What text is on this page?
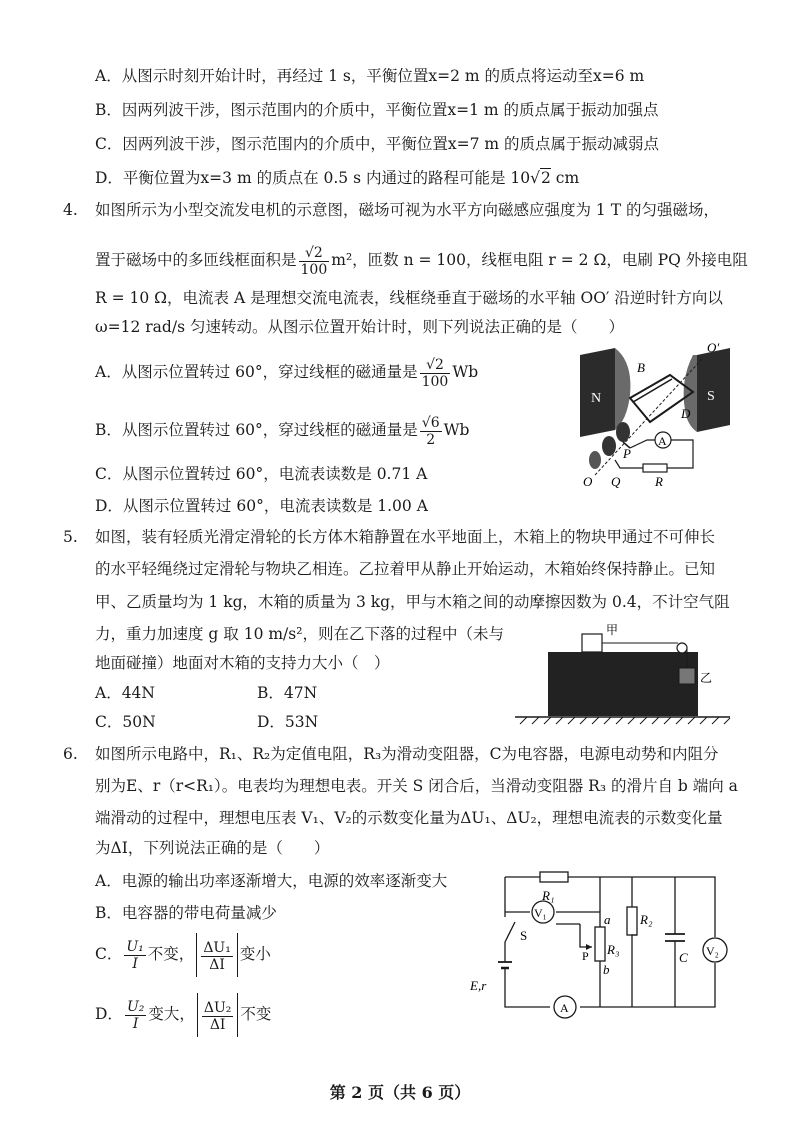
A．从图示时刻开始计时，再经过 1 s，平衡位置x=2 m 的质点将运动至x=6 m
B．因两列波干涉，图示范围内的介质中，平衡位置x=1 m 的质点属于振动加强点
C．因两列波干涉，图示范围内的介质中，平衡位置x=7 m 的质点属于振动减弱点
D．平衡位置为x=3 m 的质点在 0.5 s 内通过的路程可能是 10√2 cm
4. 如图所示为小型交流发电机的示意图，磁场可视为水平方向磁感应强度为 1 T 的匀强磁场，
置于磁场中的多匝线框面积是 $\frac{√2}{100} m^2$，匝数 n = 100，线框电阻 r = 2 Ω，电刷 PQ 外接电阻
R = 10 Ω，电流表 A 是理想交流电流表，线框绕垂直于磁场的水平轴 OO′ 沿逆时针方向以
ω=12 rad/s 匀速转动。从图示位置开始计时，则下列说法正确的是（　　）
A．从图示位置转过 60°，穿过线框的磁通量是 $\frac{√2}{100}$ Wb
B．从图示位置转过 60°，穿过线框的磁通量是 $\frac{√6}{2}$ Wb
C．从图示位置转过 60°，电流表读数是 0.71 A
D．从图示位置转过 60°，电流表读数是 1.00 A
N	S
O′
B
D
A
P
Q	R
O
5. 如图，装有轻质光滑定滑轮的长方体木箱静置在水平地面上，木箱上的物块甲通过不可伸长
的水平轻绳绕过定滑轮与物块乙相连。乙拉着甲从静止开始运动，木箱始终保持静止。已知
甲、乙质量均为 1 kg，木箱的质量为 3 kg，甲与木箱之间的动摩擦因数为 0.4，不计空气阻
力，重力加速度 g 取 10 m/s²，则在乙下落的过程中（未与
地面碰撞）地面对木箱的支持力大小（　）
A．44N	B．47N
C．50N	D．53N
甲
乙
6. 如图所示电路中，R₁、R₂为定值电阻，R₃为滑动变阻器，C为电容器，电源电动势和内阻分
别为E、r（r<R₁）。电表均为理想电表。开关 S 闭合后，当滑动变阻器 R₃ 的滑片自 b 端向 a
端滑动的过程中，理想电压表 V₁、V₂的示数变化量为ΔU₁、ΔU₂，理想电流表的示数变化量
为ΔI，下列说法正确的是（　　）
A．电源的输出功率逐渐增大，电源的效率逐渐变大
B．电容器的带电荷量减少
C． $\frac{\text{U₁}}{I}$ 不变， $\frac{\text{ΔU₁}}{\Delta I}$ 变小
D． $\frac{\text{U₂}}{I}$ 变大， $\frac{\text{ΔU₂}}{\Delta I}$ 不变
V₁
V₂
A
R₁
R₂
R₃
C
S
E,r
a
b
P
第 2 页（共 6 页）
